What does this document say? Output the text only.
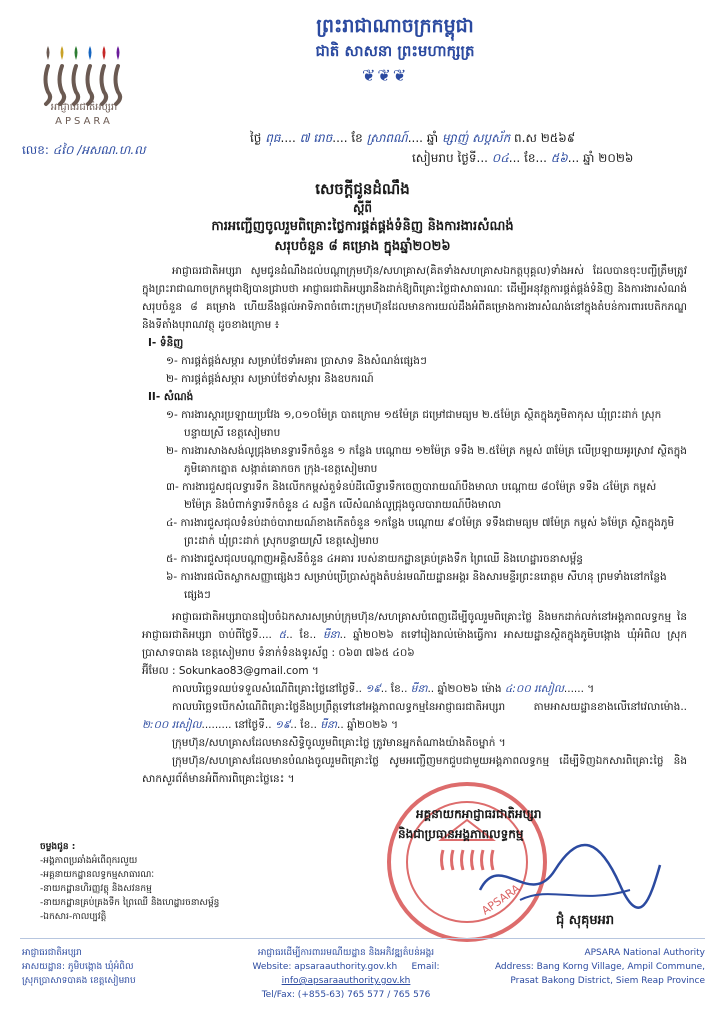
អាជ្ញាធរជាតិអប្សរា
APSARA
ព្រះរាជាណាចក្រកម្ពុជា
ជាតិ សាសនា ព្រះមហាក្សត្រ
❦❦❦
ថ្ងៃ ពុធ.... ៧ រោច.... ខែ ស្រាពណ៍.... ឆ្នាំ ម្សាញ់ សប្តស័ក ព.ស ២៥៦៩
សៀមរាប ថ្ងៃទី... ០៤... ខែ... ៥៦... ឆ្នាំ ២០២៦
លេខ: ៤០ៃ /អសណ.ហ.ល
សេចក្តីជូនដំណឹង
ស្តីពី
ការអញ្ជើញចូលរួមពិគ្រោះថ្លៃការផ្គត់ផ្គង់ទំនិញ និងការងារសំណង់
សរុបចំនួន ៨ គម្រោង ក្នុងឆ្នាំ២០២៦

អាជ្ញាធរជាតិអប្សរា សូមជូនដំណឹងដល់បណ្តាក្រុមហ៊ុន/សហគ្រាស(គិតទាំងសហគ្រាសឯកត្តបុគ្គល)ទាំងអស់ ដែលបានចុះបញ្ជីត្រឹមត្រូវក្នុងព្រះរាជាណាចក្រកម្ពុជាឱ្យបានជ្រាបថា អាជ្ញាធរជាតិអប្សរានឹងដាក់ឱ្យពិគ្រោះថ្លៃជាសាធារណៈ ដើម្បីអនុវត្តការផ្គត់ផ្គង់ទំនិញ និងការងារសំណង់ សរុបចំនួន ៨ គម្រោង ហើយនឹងផ្តល់អាទិភាពចំពោះក្រុមហ៊ុនដែលមានការយល់ដឹងអំពីគម្រោងការងារសំណង់នៅក្នុងតំបន់ការពារបេតិកភណ្ឌ និងទីតាំងបុរាណវត្ថុ ដូចខាងក្រោម ៖

I- ទំនិញ

១- ការផ្គត់ផ្គង់សម្ភារ សម្រាប់ថែទាំអគារ ប្រាសាទ និងសំណង់ផ្សេងៗ

២- ការផ្គត់ផ្គង់សម្ភារ សម្រាប់ថែទាំសម្ភារ និងឧបករណ៍

II- សំណង់

១- ការងារស្តារប្រឡាយប្រវែង ១,០១០ម៉ែត្រ បាតក្រោម ១៥ម៉ែត្រ ជម្រៅជាមធ្យម ២.៥ម៉ែត្រ ស្ថិតក្នុងភូមិតាកុស ឃុំព្រះដាក់ ស្រុកបន្ទាយស្រី ខេត្តសៀមរាប

២- ការងារសាងសង់លូជ្រុងមានទ្វារទឹកចំនួន ១ កន្លែង បណ្តោយ ១២ម៉ែត្រ ទទឹង ២.៥ម៉ែត្រ កម្ពស់ ៣ម៉ែត្រ លើប្រឡាយអូរស្រាវ ស្ថិតក្នុងភូមិគោកត្នោត សង្កាត់គោកចក ក្រុង-ខេត្តសៀមរាប

៣- ការងារជួសជុលទ្វារទឹក និងលើកកម្ពស់តួទំនប់ដីលើទ្វារទឹកចេញបារាយណ៍បឹងមាលា បណ្តោយ ៨០ម៉ែត្រ ទទឹង ៤ម៉ែត្រ កម្ពស់ ២ម៉ែត្រ និងបំពាក់ទ្វារទឹកចំនួន ៤ សន្លឹក លើសំណង់លូជ្រុងចូលបារាយណ៍បឹងមាលា

៤- ការងារជួសជុលទំនប់ដាច់បារាយណ៍ខាងកើតចំនួន ១កន្លែង បណ្តោយ ៩០ម៉ែត្រ ទទឹងជាមធ្យម ៧ម៉ែត្រ កម្ពស់ ៦ម៉ែត្រ ស្ថិតក្នុងភូមិព្រះដាក់ ឃុំព្រះដាក់ ស្រុកបន្ទាយស្រី ខេត្តសៀមរាប

៥- ការងារជួសជុលបណ្តាញអគ្គិសនីចំនួន ៤អគារ របស់នាយកដ្ឋានគ្រប់គ្រងទឹក ព្រៃឈើ និងហេដ្ឋារចនាសម្ព័ន្ធ

៦- ការងារផលិតស្លាកសញ្ញាផ្សេងៗ សម្រាប់ប្រើប្រាស់ក្នុងតំបន់រមណីយដ្ឋានអង្គរ និងសារមន្ទីរព្រះនរោត្តម សីហនុ ព្រមទាំងនៅកន្លែងផ្សេងៗ

អាជ្ញាធរជាតិអប្សរាបានរៀបចំឯកសារសម្រាប់ក្រុមហ៊ុន/សហគ្រាសបំពេញដើម្បីចូលរួមពិគ្រោះថ្លៃ និងមកដាក់លក់នៅអង្គភាពលទ្ធកម្ម នៃអាជ្ញាធរជាតិអប្សរា ចាប់ពីថ្ងៃទី.... ៥.. ខែ.. មីនា.. ឆ្នាំ២០២៦ តទៅរៀងរាល់ម៉ោងធ្វើការ អាសយដ្ឋានស្ថិតក្នុងភូមិបង្កោង ឃុំអំពិល ស្រុកប្រាសាទបាគង ខេត្តសៀមរាប ទំនាក់ទំនងទូរស័ព្ទ : ០៦៣ ៧៦៥ ៤០៦

អ៊ីមែល : Sokunkao83@gmail.com ។

កាលបរិច្ឆេទឈប់ទទួលសំណើពិគ្រោះថ្លៃនៅថ្ងៃទី.. ១៩.. ខែ.. មីនា.. ឆ្នាំ២០២៦ ម៉ោង ៤:០០ រសៀល...... ។

កាលបរិច្ឆេទបើកសំណើពិគ្រោះថ្លៃនឹងប្រព្រឹត្តទៅនៅអង្គភាពលទ្ធកម្មនៃអាជ្ញាធរជាតិអប្សរា តាមអាសយដ្ឋានខាងលើនៅវេលាម៉ោង.. ២:០០ រសៀល......... នៅថ្ងៃទី.. ១៩.. ខែ.. មីនា.. ឆ្នាំ២០២៦ ។

ក្រុមហ៊ុន/សហគ្រាសដែលមានសិទ្ធិចូលរួមពិគ្រោះថ្លៃ ត្រូវមានអ្នកតំណាងយ៉ាងតិចម្នាក់ ។

ក្រុមហ៊ុន/សហគ្រាសដែលមានបំណងចូលរួមពិគ្រោះថ្លៃ សូមអញ្ជើញមកជួបជាមួយអង្គភាពលទ្ធកម្ម ដើម្បីទិញឯកសារពិគ្រោះថ្លៃ និងសាកសួរព័ត៌មានអំពីការពិគ្រោះថ្លៃនេះ ។

APSARA
អគ្គនាយកអាជ្ញាធរជាតិអប្សរា
និងជាប្រធានអង្គភាពលទ្ធកម្ម
ជុំ សុគុមអរា
ចម្លងជូន :
-អង្គភាពប្រឆាំងអំពើពុករលួយ
-អគ្គនាយកដ្ឋានលទ្ធកម្មសាធារណៈ
-នាយកដ្ឋានហិរញ្ញវត្ថុ និងសវនកម្ម
-នាយកដ្ឋានគ្រប់គ្រងទឹក ព្រៃឈើ និងហេដ្ឋារចនាសម្ព័ន្ធ
-ឯកសារ-កាលប្បវត្តិ
អាជ្ញាធរជាតិអប្សរា
អាសយដ្ឋាន: ភូមិបង្កោង ឃុំអំពិល
ស្រុកប្រាសាទបាគង ខេត្តសៀមរាប
អាជ្ញាធរដើម្បីការពាររមណីយដ្ឋាន និងអភិវឌ្ឍតំបន់អង្គរ
Website: apsaraauthority.gov.kh Email: info@apsaraauthority.gov.kh
Tel/Fax: (+855-63) 765 577 / 765 576
APSARA National Authority
Address: Bang Korng Village, Ampil Commune,
Prasat Bakong District, Siem Reap Province
